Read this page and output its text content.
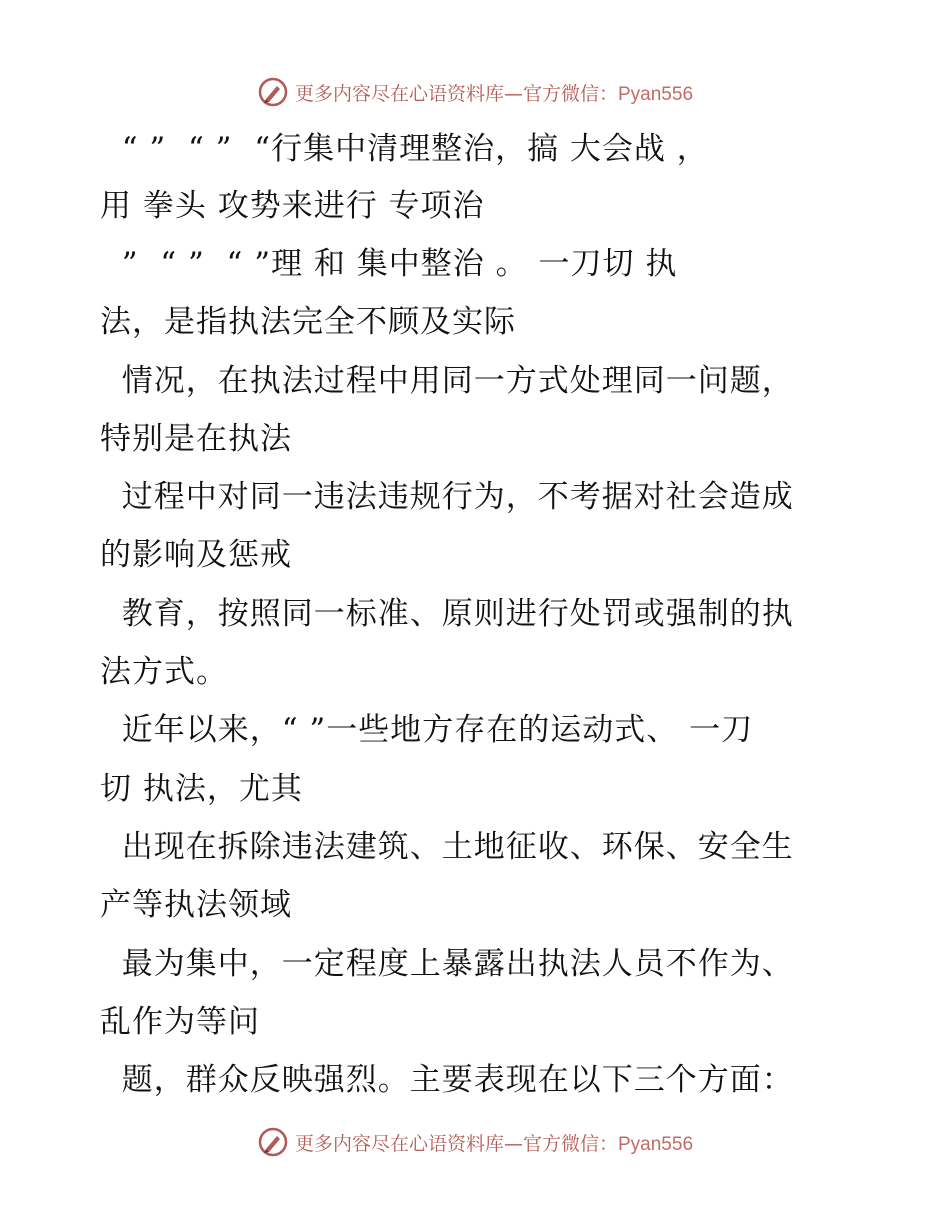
更多内容尽在心语资料库—官方微信：Pyan556
“ ”  “ ”  “行集中清理整治，搞 大会战 ，
用 拳头 攻势来进行 专项治
”  “ ”  “ ”理 和 集中整治 。 一刀切 执
法，是指执法完全不顾及实际
情况，在执法过程中用同一方式处理同一问题，
特别是在执法
过程中对同一违法违规行为，不考据对社会造成
的影响及惩戒
教育，按照同一标准、原则进行处罚或强制的执
法方式。
近年以来，“ ”一些地方存在的运动式、 一刀
切 执法，尤其
出现在拆除违法建筑、土地征收、环保、安全生
产等执法领域
最为集中，一定程度上暴露出执法人员不作为、
乱作为等问
题，群众反映强烈。主要表现在以下三个方面：
更多内容尽在心语资料库—官方微信：Pyan556
